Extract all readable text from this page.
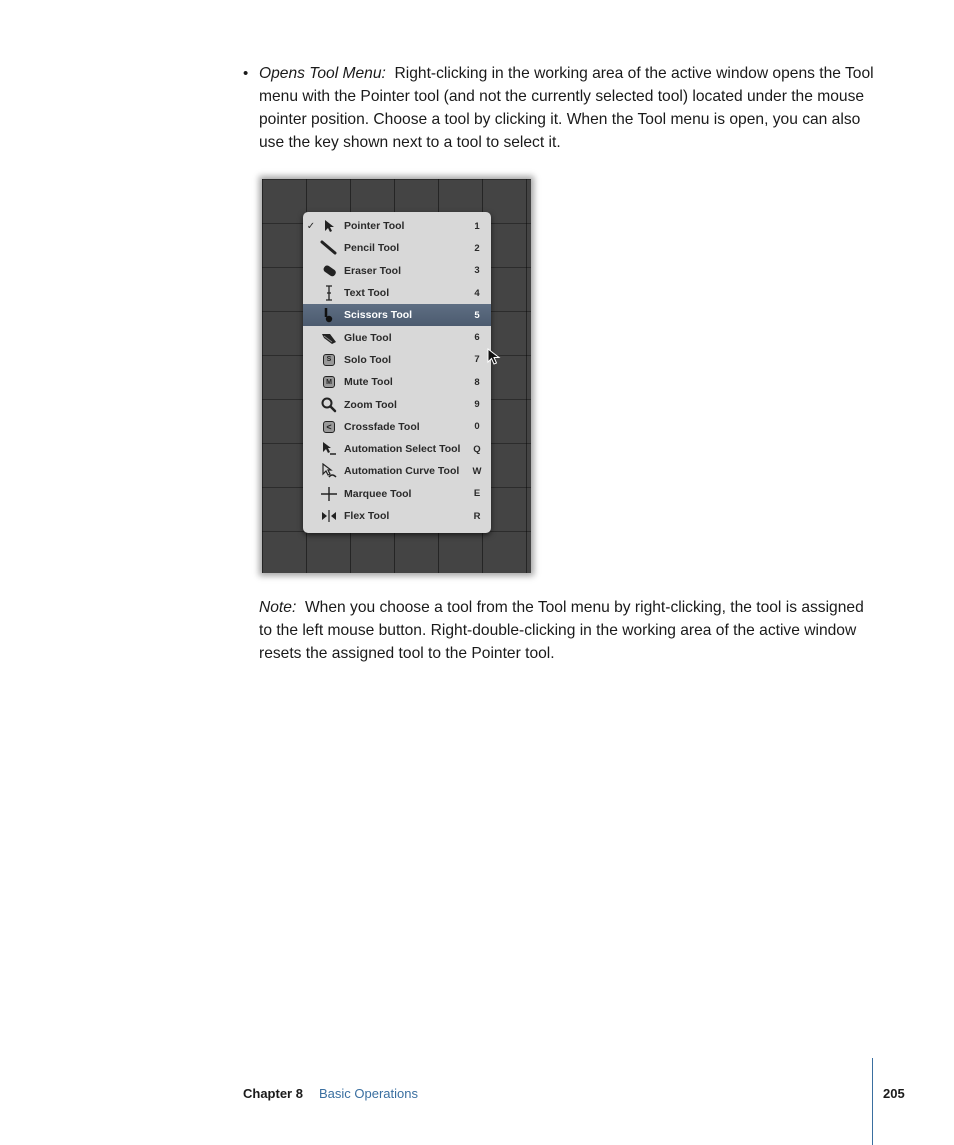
• Opens Tool Menu: Right-clicking in the working area of the active window opens the Tool menu with the Pointer tool (and not the currently selected tool) located under the mouse pointer position. Choose a tool by clicking it. When the Tool menu is open, you can also use the key shown next to a tool to select it.

✓	Pointer Tool	1
Pencil Tool	2
Eraser Tool	3
Text Tool	4
Scissors Tool	5
Glue Tool	6
S	Solo Tool	7
M Mute Tool	8
Zoom Tool	9
<	Crossfade Tool	0
Automation Select Tool	Q
Automation Curve Tool	W
Marquee Tool	E
Flex Tool	R

Note: When you choose a tool from the Tool menu by right-clicking, the tool is assigned to the left mouse button. Right-double-clicking in the working area of the active window resets the assigned tool to the Pointer tool.

Chapter 8 Basic Operations	205
